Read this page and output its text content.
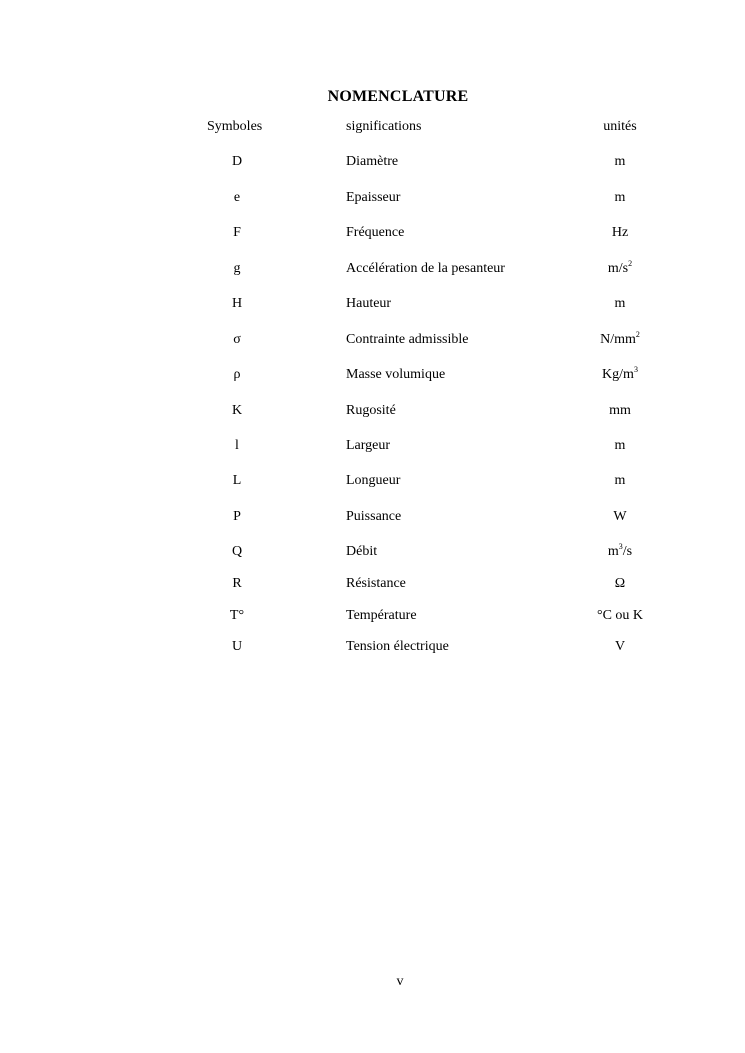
NOMENCLATURE
Symboles	significations	unités
D	Diamètre	m
e	Epaisseur	m
F	Fréquence	Hz
g	Accélération de la pesanteur	$m/s^2$
H	Hauteur	m
σ	Contrainte admissible	$N/mm^2$
ρ	Masse volumique	$Kg/m^3$
K	Rugosité	mm
l	Largeur	m
L	Longueur	m
P	Puissance	W
Q	Débit	$m^3/s$
R	Résistance	Ω
T°	Température	°C ou K
U	Tension électrique	V
v
